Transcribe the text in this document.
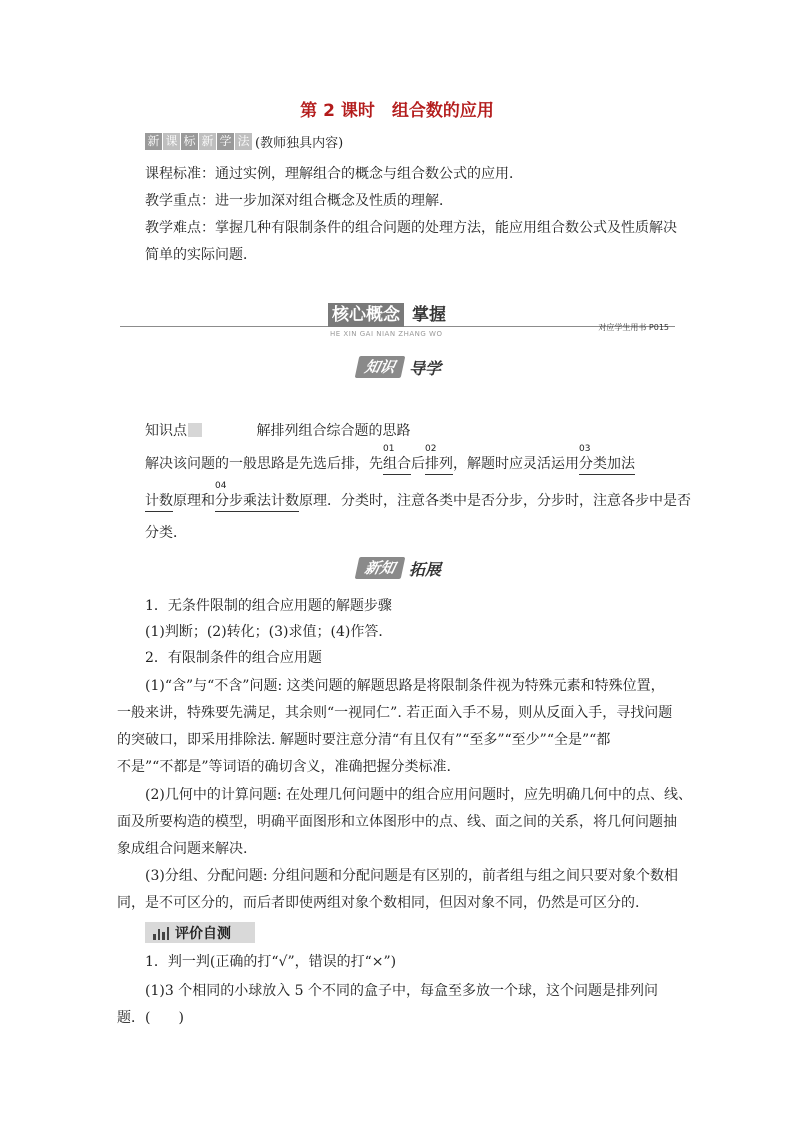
第 2 课时　组合数的应用
新 课 标 新 学 法 (教师独具内容)
课程标准：通过实例，理解组合的概念与组合数公式的应用．
教学重点：进一步加深对组合概念及性质的理解．
教学难点：掌握几种有限制条件的组合问题的处理方法，能应用组合数公式及性质解决
简单的实际问题．
核心概念 掌握
HE XIN GAI NIAN ZHANG WO
对应学生用书 P015
知识 导学
知识点	解排列组合综合题的思路
解决该问题的一般思路是先选后排，先
01
组合后
02
排列，解题时应灵活运用
03
分类加法
计数原理和
04
分步乘法计数原理．分类时，注意各类中是否分步，分步时，注意各步中是否
分类．
新知 拓展
1．无条件限制的组合应用题的解题步骤
(1)判断；(2)转化；(3)求值；(4)作答．
2．有限制条件的组合应用题
(1)“含”与“不含”问题: 这类问题的解题思路是将限制条件视为特殊元素和特殊位置，
一般来讲，特殊要先满足，其余则“一视同仁”. 若正面入手不易，则从反面入手，寻找问题
的突破口，即采用排除法. 解题时要注意分清“有且仅有”“至多”“至少”“全是”“都
不是”“不都是”等词语的确切含义，准确把握分类标准.
(2)几何中的计算问题: 在处理几何问题中的组合应用问题时，应先明确几何中的点、线、
面及所要构造的模型，明确平面图形和立体图形中的点、线、面之间的关系，将几何问题抽
象成组合问题来解决.
(3)分组、分配问题: 分组问题和分配问题是有区别的，前者组与组之间只要对象个数相
同，是不可区分的，而后者即使两组对象个数相同，但因对象不同，仍然是可区分的.
评价自测
1．判一判(正确的打“√”，错误的打“×”)
(1)3 个相同的小球放入 5 个不同的盒子中，每盒至多放一个球，这个问题是排列问
题．(　　)
